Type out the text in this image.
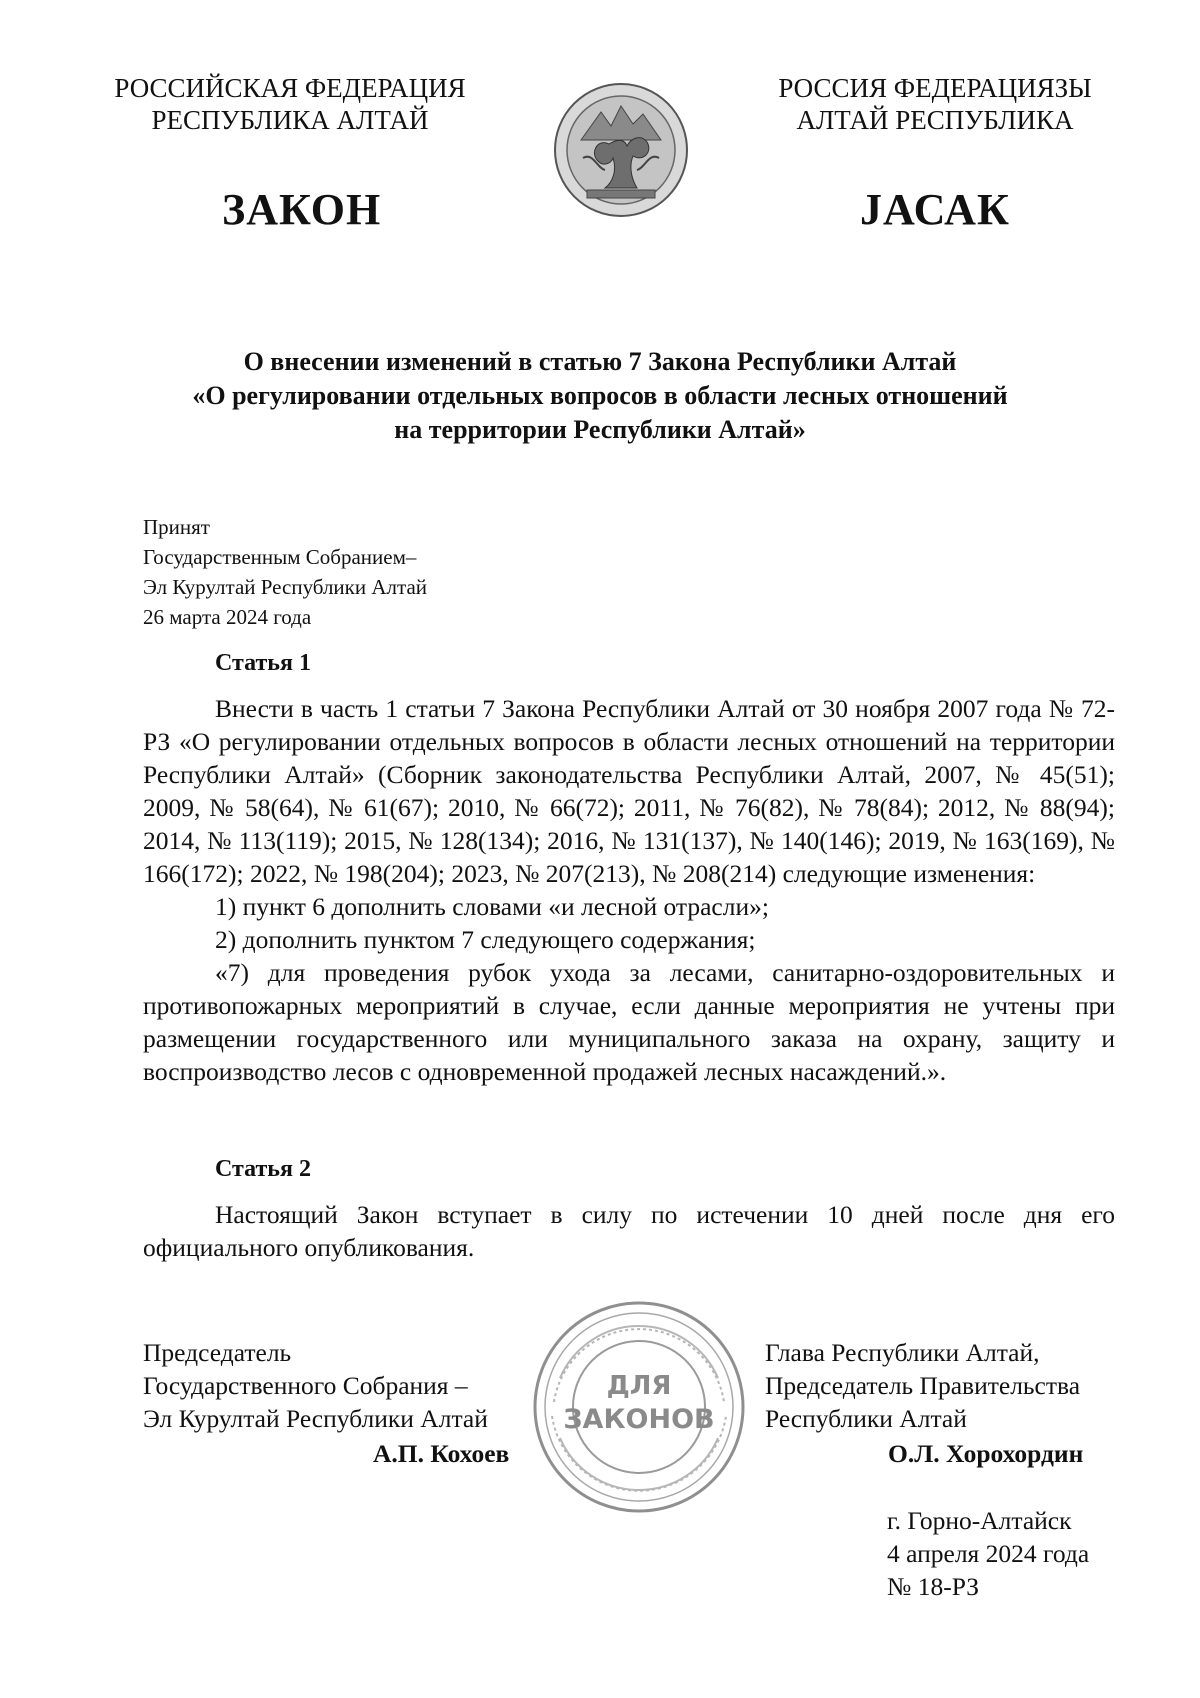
РОССИЙСКАЯ ФЕДЕРАЦИЯ
РЕСПУБЛИКА АЛТАЙ
РОССИЯ ФЕДЕРАЦИЯЗЫ
АЛТАЙ РЕСПУБЛИКА
ЗАКОН	JАСАК
О внесении изменений в статью 7 Закона Республики Алтай
«О регулировании отдельных вопросов в области лесных отношений
на территории Республики Алтай»
Принят
Государственным Собранием–
Эл Курултай Республики Алтай
26 марта 2024 года
Статья 1

Внести в часть 1 статьи 7 Закона Республики Алтай от 30 ноября 2007 года № 72-РЗ «О регулировании отдельных вопросов в области лесных отношений на территории Республики Алтай» (Сборник законодательства Республики Алтай, 2007, № 45(51); 2009, № 58(64), № 61(67); 2010, № 66(72); 2011, № 76(82), № 78(84); 2012, № 88(94); 2014, № 113(119); 2015, № 128(134); 2016, № 131(137), № 140(146); 2019, № 163(169), № 166(172); 2022, № 198(204); 2023, № 207(213), № 208(214) следующие изменения:

1) пункт 6 дополнить словами «и лесной отрасли»;

2) дополнить пунктом 7 следующего содержания;

«7) для проведения рубок ухода за лесами, санитарно-оздоровительных и противопожарных мероприятий в случае, если данные мероприятия не учтены при размещении государственного или муниципального заказа на охрану, защиту и воспроизводство лесов с одновременной продажей лесных насаждений.».

Статья 2

Настоящий Закон вступает в силу по истечении 10 дней после дня его официального опубликования.

Председатель
Государственного Собрания –
Эл Курултай Республики Алтай
А.П. Кохоев
ДЛЯ
ЗАКОНОВ
Глава Республики Алтай,
Председатель Правительства
Республики Алтай
О.Л. Хорохордин
г. Горно-Алтайск
4 апреля 2024 года
№ 18-РЗ
